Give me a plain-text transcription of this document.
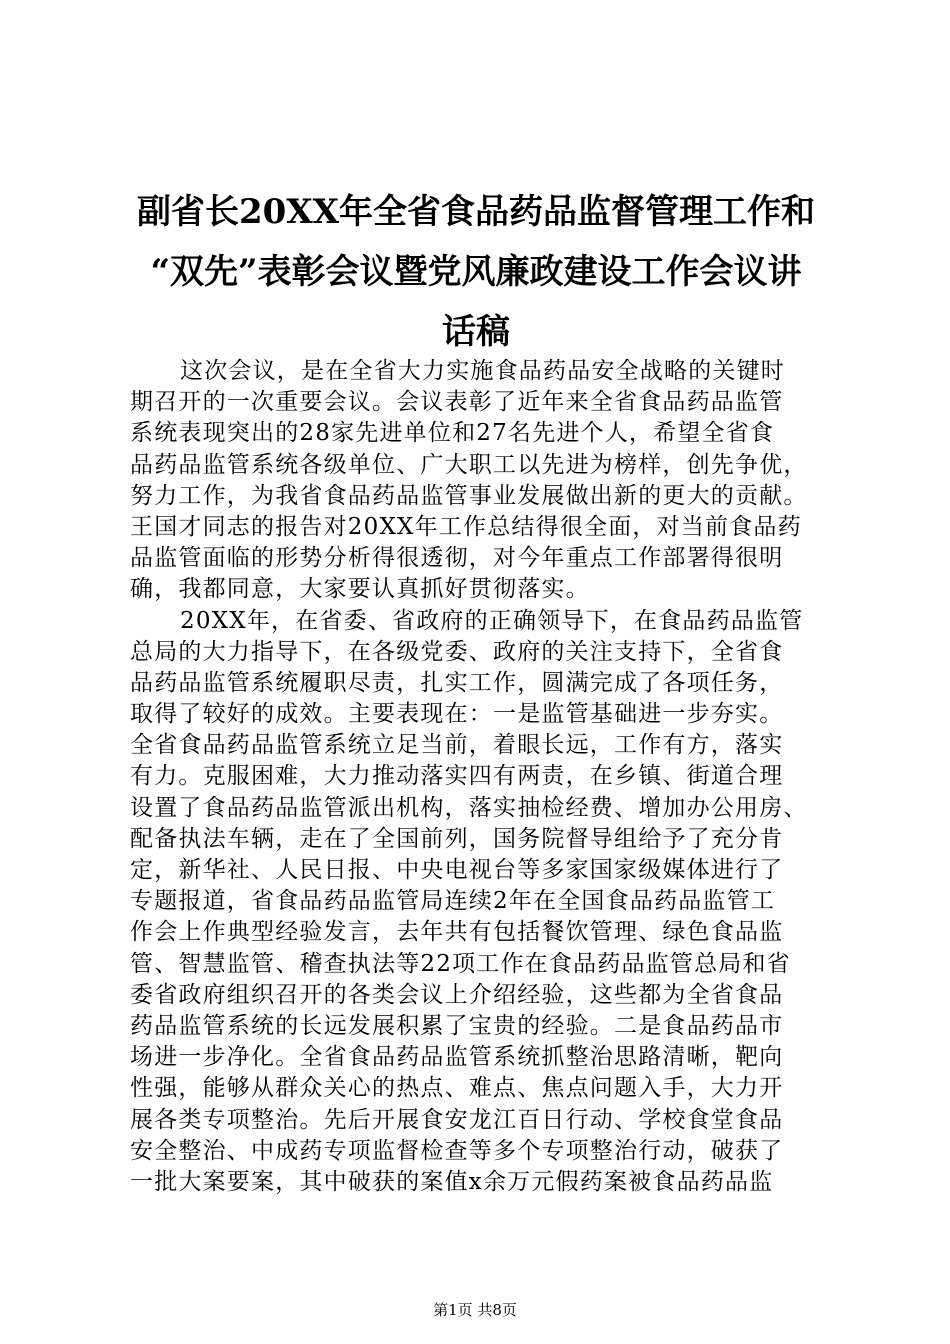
副省长20XX年全省食品药品监督管理工作和
“双先”表彰会议暨党风廉政建设工作会议讲
话稿
这次会议，是在全省大力实施食品药品安全战略的关键时
期召开的一次重要会议。会议表彰了近年来全省食品药品监管
系统表现突出的28家先进单位和27名先进个人，希望全省食
品药品监管系统各级单位、广大职工以先进为榜样，创先争优，
努力工作，为我省食品药品监管事业发展做出新的更大的贡献。
王国才同志的报告对20XX年工作总结得很全面，对当前食品药
品监管面临的形势分析得很透彻，对今年重点工作部署得很明
确，我都同意，大家要认真抓好贯彻落实。
20XX年，在省委、省政府的正确领导下，在食品药品监管
总局的大力指导下，在各级党委、政府的关注支持下，全省食
品药品监管系统履职尽责，扎实工作，圆满完成了各项任务，
取得了较好的成效。主要表现在：一是监管基础进一步夯实。
全省食品药品监管系统立足当前，着眼长远，工作有方，落实
有力。克服困难，大力推动落实四有两责，在乡镇、街道合理
设置了食品药品监管派出机构，落实抽检经费、增加办公用房、
配备执法车辆，走在了全国前列，国务院督导组给予了充分肯
定，新华社、人民日报、中央电视台等多家国家级媒体进行了
专题报道，省食品药品监管局连续2年在全国食品药品监管工
作会上作典型经验发言，去年共有包括餐饮管理、绿色食品监
管、智慧监管、稽查执法等22项工作在食品药品监管总局和省
委省政府组织召开的各类会议上介绍经验，这些都为全省食品
药品监管系统的长远发展积累了宝贵的经验。二是食品药品市
场进一步净化。全省食品药品监管系统抓整治思路清晰，靶向
性强，能够从群众关心的热点、难点、焦点问题入手，大力开
展各类专项整治。先后开展食安龙江百日行动、学校食堂食品
安全整治、中成药专项监督检查等多个专项整治行动，破获了
一批大案要案，其中破获的案值x余万元假药案被食品药品监
第1页 共8页
